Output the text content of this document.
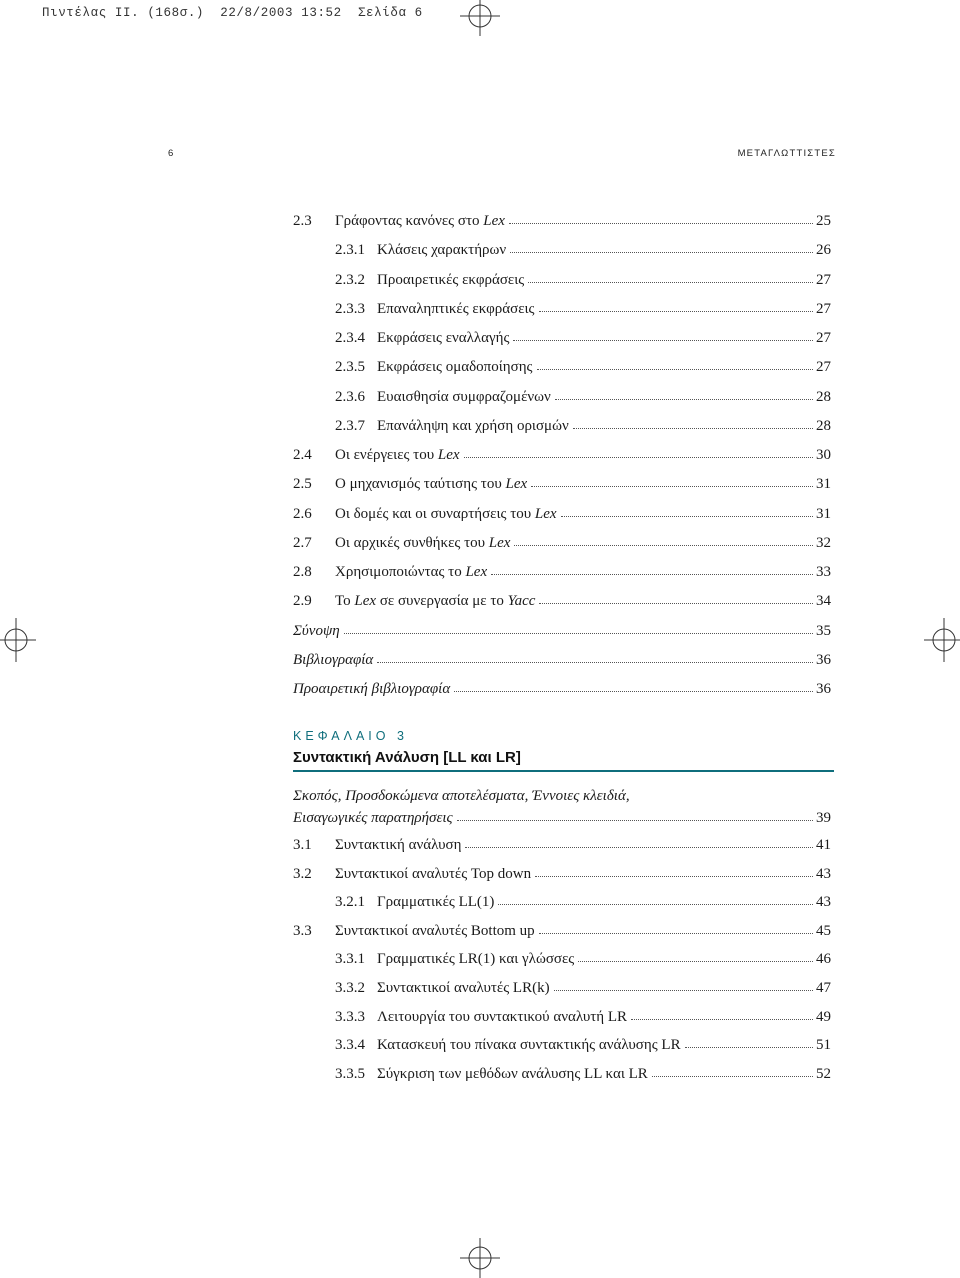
Πιντέλας ΙΙ. (168σ.)  22/8/2003 13:52  Σελίδα 6
6	ΜΕΤΑΓΛΩΤΤΙΣΤΕΣ
2.3	Γράφοντας κανόνες στο Lex	25
2.3.1 Κλάσεις χαρακτήρων	26
2.3.2 Προαιρετικές εκφράσεις	27
2.3.3 Επαναληπτικές εκφράσεις	27
2.3.4 Εκφράσεις εναλλαγής	27
2.3.5 Εκφράσεις ομαδοποίησης	27
2.3.6 Ευαισθησία συμφραζομένων	28
2.3.7 Επανάληψη και χρήση ορισμών	28
2.4	Οι ενέργειες του Lex	30
2.5	Ο μηχανισμός ταύτισης του Lex	31
2.6	Οι δομές και οι συναρτήσεις του Lex	31
2.7	Οι αρχικές συνθήκες του Lex	32
2.8	Χρησιμοποιώντας το Lex	33
2.9	Το Lex σε συνεργασία με το Yacc	34
Σύνοψη	35
Βιβλιογραφία	36
Προαιρετική βιβλιογραφία	36
ΚΕΦΑΛΑΙΟ 3
Συντακτική Ανάλυση [LL και LR]
Σκοπός, Προσδοκώμενα αποτελέσματα, Έννοιες κλειδιά,
Εισαγωγικές παρατηρήσεις	39
3.1	Συντακτική ανάλυση	41
3.2	Συντακτικοί αναλυτές Top down	43
3.2.1 Γραμματικές LL(1)	43
3.3	Συντακτικοί αναλυτές Bottom up	45
3.3.1 Γραμματικές LR(1) και γλώσσες	46
3.3.2 Συντακτικοί αναλυτές LR(k)	47
3.3.3 Λειτουργία του συντακτικού αναλυτή LR	49
3.3.4 Κατασκευή του πίνακα συντακτικής ανάλυσης LR	51
3.3.5 Σύγκριση των μεθόδων ανάλυσης LL και LR	52
